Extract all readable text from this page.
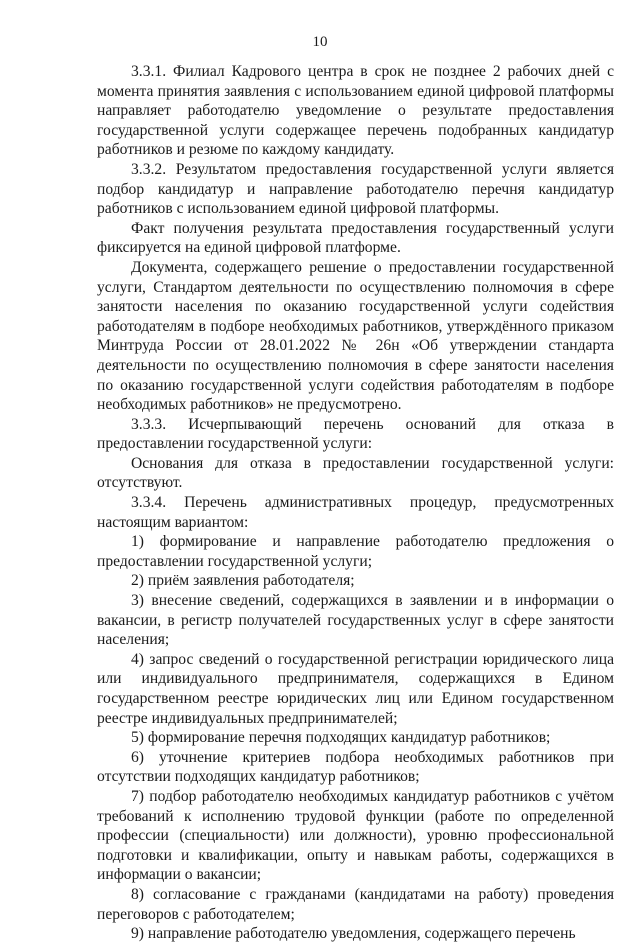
10

3.3.1. Филиал Кадрового центра в срок не позднее 2 рабочих дней с момента принятия заявления с использованием единой цифровой платформы направляет работодателю уведомление о результате предоставления государственной услуги содержащее перечень подобранных кандидатур работников и резюме по каждому кандидату.

3.3.2. Результатом предоставления государственной услуги является подбор кандидатур и направление работодателю перечня кандидатур работников с использованием единой цифровой платформы.

Факт получения результата предоставления государственный услуги фиксируется на единой цифровой платформе.

Документа, содержащего решение о предоставлении государственной услуги, Стандартом деятельности по осуществлению полномочия в сфере занятости населения по оказанию государственной услуги содействия работодателям в подборе необходимых работников, утверждённого приказом Минтруда России от 28.01.2022 № 26н «Об утверждении стандарта деятельности по осуществлению полномочия в сфере занятости населения по оказанию государственной услуги содействия работодателям в подборе необходимых работников» не предусмотрено.

3.3.3. Исчерпывающий перечень оснований для отказа в предоставлении государственной услуги:

Основания для отказа в предоставлении государственной услуги: отсутствуют.

3.3.4. Перечень административных процедур, предусмотренных настоящим вариантом:

1) формирование и направление работодателю предложения о предоставлении государственной услуги;

2) приём заявления работодателя;

3) внесение сведений, содержащихся в заявлении и в информации о вакансии, в регистр получателей государственных услуг в сфере занятости населения;

4) запрос сведений о государственной регистрации юридического лица или индивидуального предпринимателя, содержащихся в Едином государственном реестре юридических лиц или Едином государственном реестре индивидуальных предпринимателей;

5) формирование перечня подходящих кандидатур работников;

6) уточнение критериев подбора необходимых работников при отсутствии подходящих кандидатур работников;

7) подбор работодателю необходимых кандидатур работников с учётом требований к исполнению трудовой функции (работе по определенной профессии (специальности) или должности), уровню профессиональной подготовки и квалификации, опыту и навыкам работы, содержащихся в информации о вакансии;

8) согласование с гражданами (кандидатами на работу) проведения переговоров с работодателем;

9) направление работодателю уведомления, содержащего перечень
